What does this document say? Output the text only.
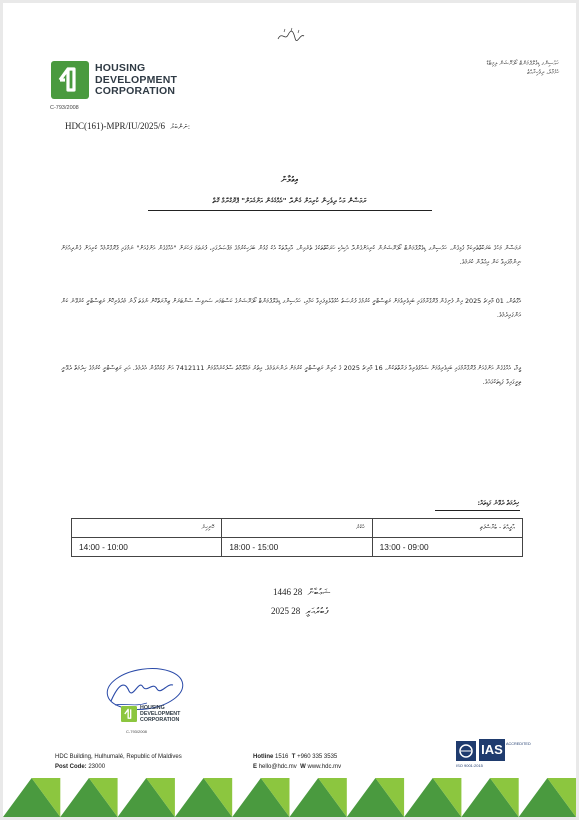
HOUSING
DEVELOPMENT
CORPORATION
C-793/2008
ހައުސިންގ ޑިވެލޮޕްމަންޓް ކޯޕަރޭޝަން ލިމިޓެޑް
ހުޅުމާލެ، ދިވެހިރާއްޖެ
HDC(161)-MPR/IU/2025/6 ނަންބަރު:
އިޢުލާން
ރަމަޟާން މަހު ދިވެހިން ކުރިއަށް ގެންދާ "އެއްގެގެން އަށްގެއަށް" ޕްރޮގްރާމް ގޮތް
ރަމަޟާން މަހުގެ ބަރަކާތްތެރިކަމާ ގުޅިގެން، ހައުސިންގ ޑިވެލޮޕްމަންޓް ކޯޕަރޭޝަނުން ކުރިއަށްގެންދާ އެކިއެކި ހަރަކާތްތަކުގެ ތެރެއިން، އާއިލާތަކާ އެކު ގުޅުން ބަދަހިކުރުމުގެ މަޤްޞަދުގައި، ފުރަތަމަ ފަހަރަށް "އެއްގެގެން އަށްގެއަށް" ނަމުގައި ޕްރޮގްރާމެއް ކުރިއަށް ގެންދިއުމަށް ނިންމާފައިވާ ކަން އިޢުލާން ކުރަމެވެ.
އެގޮތުން، 01 މާރިޗު 2025 އިން ފެށިގެން ޕްރޮގްރާމުގައި ބައިވެރިވުމަށް ރަޖިސްޓްރީ ކުރުމުގެ ފުރުޞަތު ހުޅުވާލެވިފައިވާ ކަމާއި، ހައުސިންގ ޑިވެލޮޕްމަންޓް ކޯޕަރޭޝަނުގެ ކަސްޓަމަރ ސަރވިސް ސެންޓަރަށް ޒިޔާރަތްކޮށް ނުވަތަ ފޯނު މެދުވެރިކޮށް ރަޖިސްޓްރީ ކުރެވޭނެ ކަން އަންގައިދެމެވެ.
ވީމާ، އެއްގެގެން އަށްގެއަށް ޕްރޮގްރާމުގައި ބައިވެރިވުމަށް ޝައުޤުވެރިވާ ފަރާތްތަކުން، 16 މާރިޗު 2025 ގެ ކުރިން ރަޖިސްޓްރީ ކުރުމަށް ދަންނަވަމެވެ. އިތުރު މަޢުލޫމާތު ސާފުކުރެއްވުމަށް 7412111 އަށް ގުޅުއްވުން އެދެމެވެ. އަދި ރަޖިސްޓްރީ ކުރުމުގެ ހިދުމަތް ދެވޭނީ ތިރީގައިވާ ގަޑިތަކުގައެވެ.
ޚިދުމަތް ދެވޭނެ ގަޑިތައް:
އާދީއްތަ - ބުރާސްފަތި	ހުކުރު	ހޮނިހިރު
13:00 - 09:00	18:00 - 15:00	14:00 - 10:00
1446 ޝަޢުބާން 28
2025 ފެބުރުއަރީ 28
HOUSING
DEVELOPMENT
CORPORATION
C-793/2008
HDC Building, Hulhumalé, Republic of Maldives
Post Code: 23000
Hotline 1516 T +960 335 3535
E hello@hdc.mv W www.hdc.mv
IAS ACCREDITED
ISO 9001:2015
